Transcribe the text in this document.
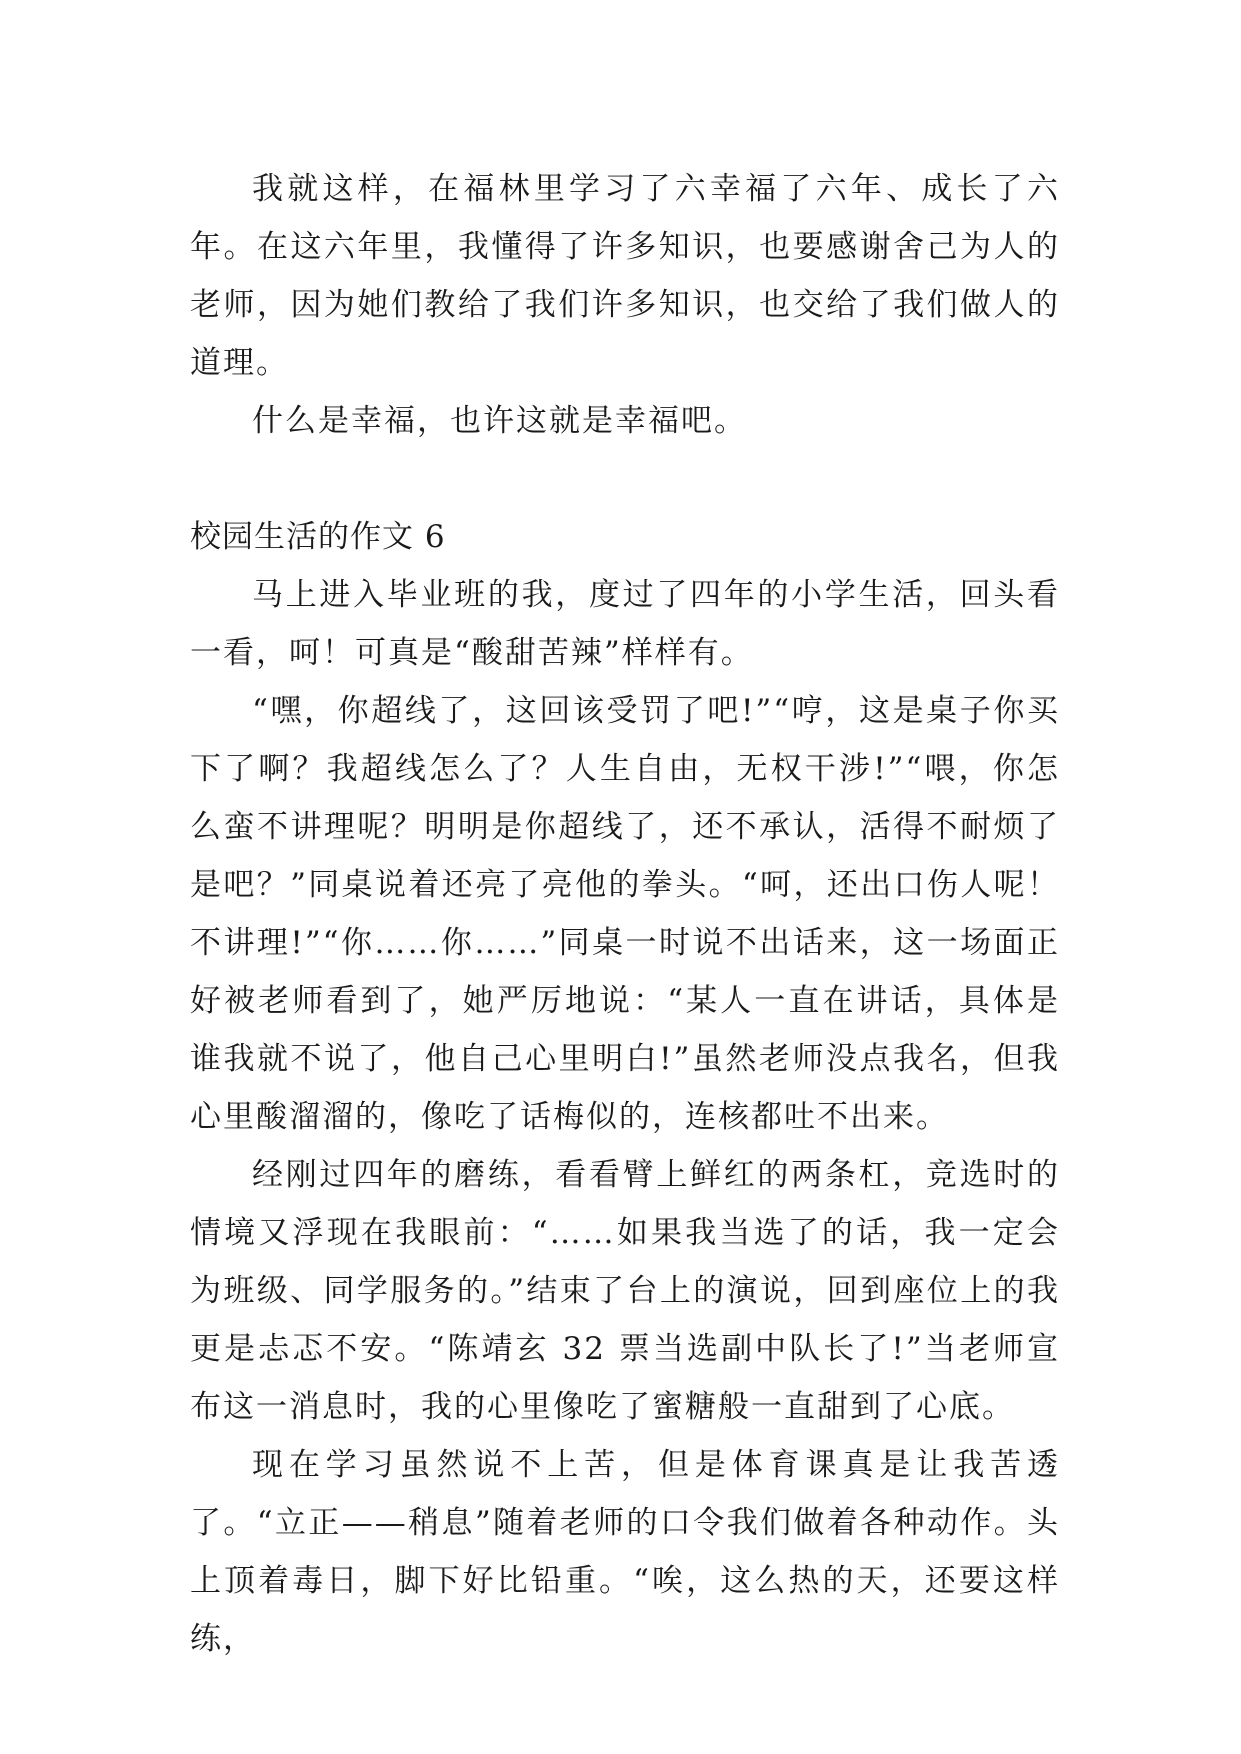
我就这样，在福林里学习了六幸福了六年、成长了六年。在这六年里，我懂得了许多知识，也要感谢舍己为人的老师，因为她们教给了我们许多知识，也交给了我们做人的道理。

什么是幸福，也许这就是幸福吧。

校园生活的作文 6

马上进入毕业班的我，度过了四年的小学生活，回头看一看，呵！可真是“酸甜苦辣”样样有。

“嘿，你超线了，这回该受罚了吧!”“哼，这是桌子你买下了啊？我超线怎么了？人生自由，无权干涉!”“喂，你怎么蛮不讲理呢？明明是你超线了，还不承认，活得不耐烦了是吧？”同桌说着还亮了亮他的拳头。“呵，还出口伤人呢！不讲理!”“你……你……”同桌一时说不出话来，这一场面正好被老师看到了，她严厉地说：“某人一直在讲话，具体是谁我就不说了，他自己心里明白!”虽然老师没点我名，但我心里酸溜溜的，像吃了话梅似的，连核都吐不出来。

经刚过四年的磨练，看看臂上鲜红的两条杠，竞选时的情境又浮现在我眼前：“……如果我当选了的话，我一定会为班级、同学服务的。”结束了台上的演说，回到座位上的我更是忐忑不安。“陈靖玄 32 票当选副中队长了!”当老师宣布这一消息时，我的心里像吃了蜜糖般一直甜到了心底。

现在学习虽然说不上苦，但是体育课真是让我苦透了。“立正——稍息”随着老师的口令我们做着各种动作。头上顶着毒日，脚下好比铅重。“唉，这么热的天，还要这样练，
